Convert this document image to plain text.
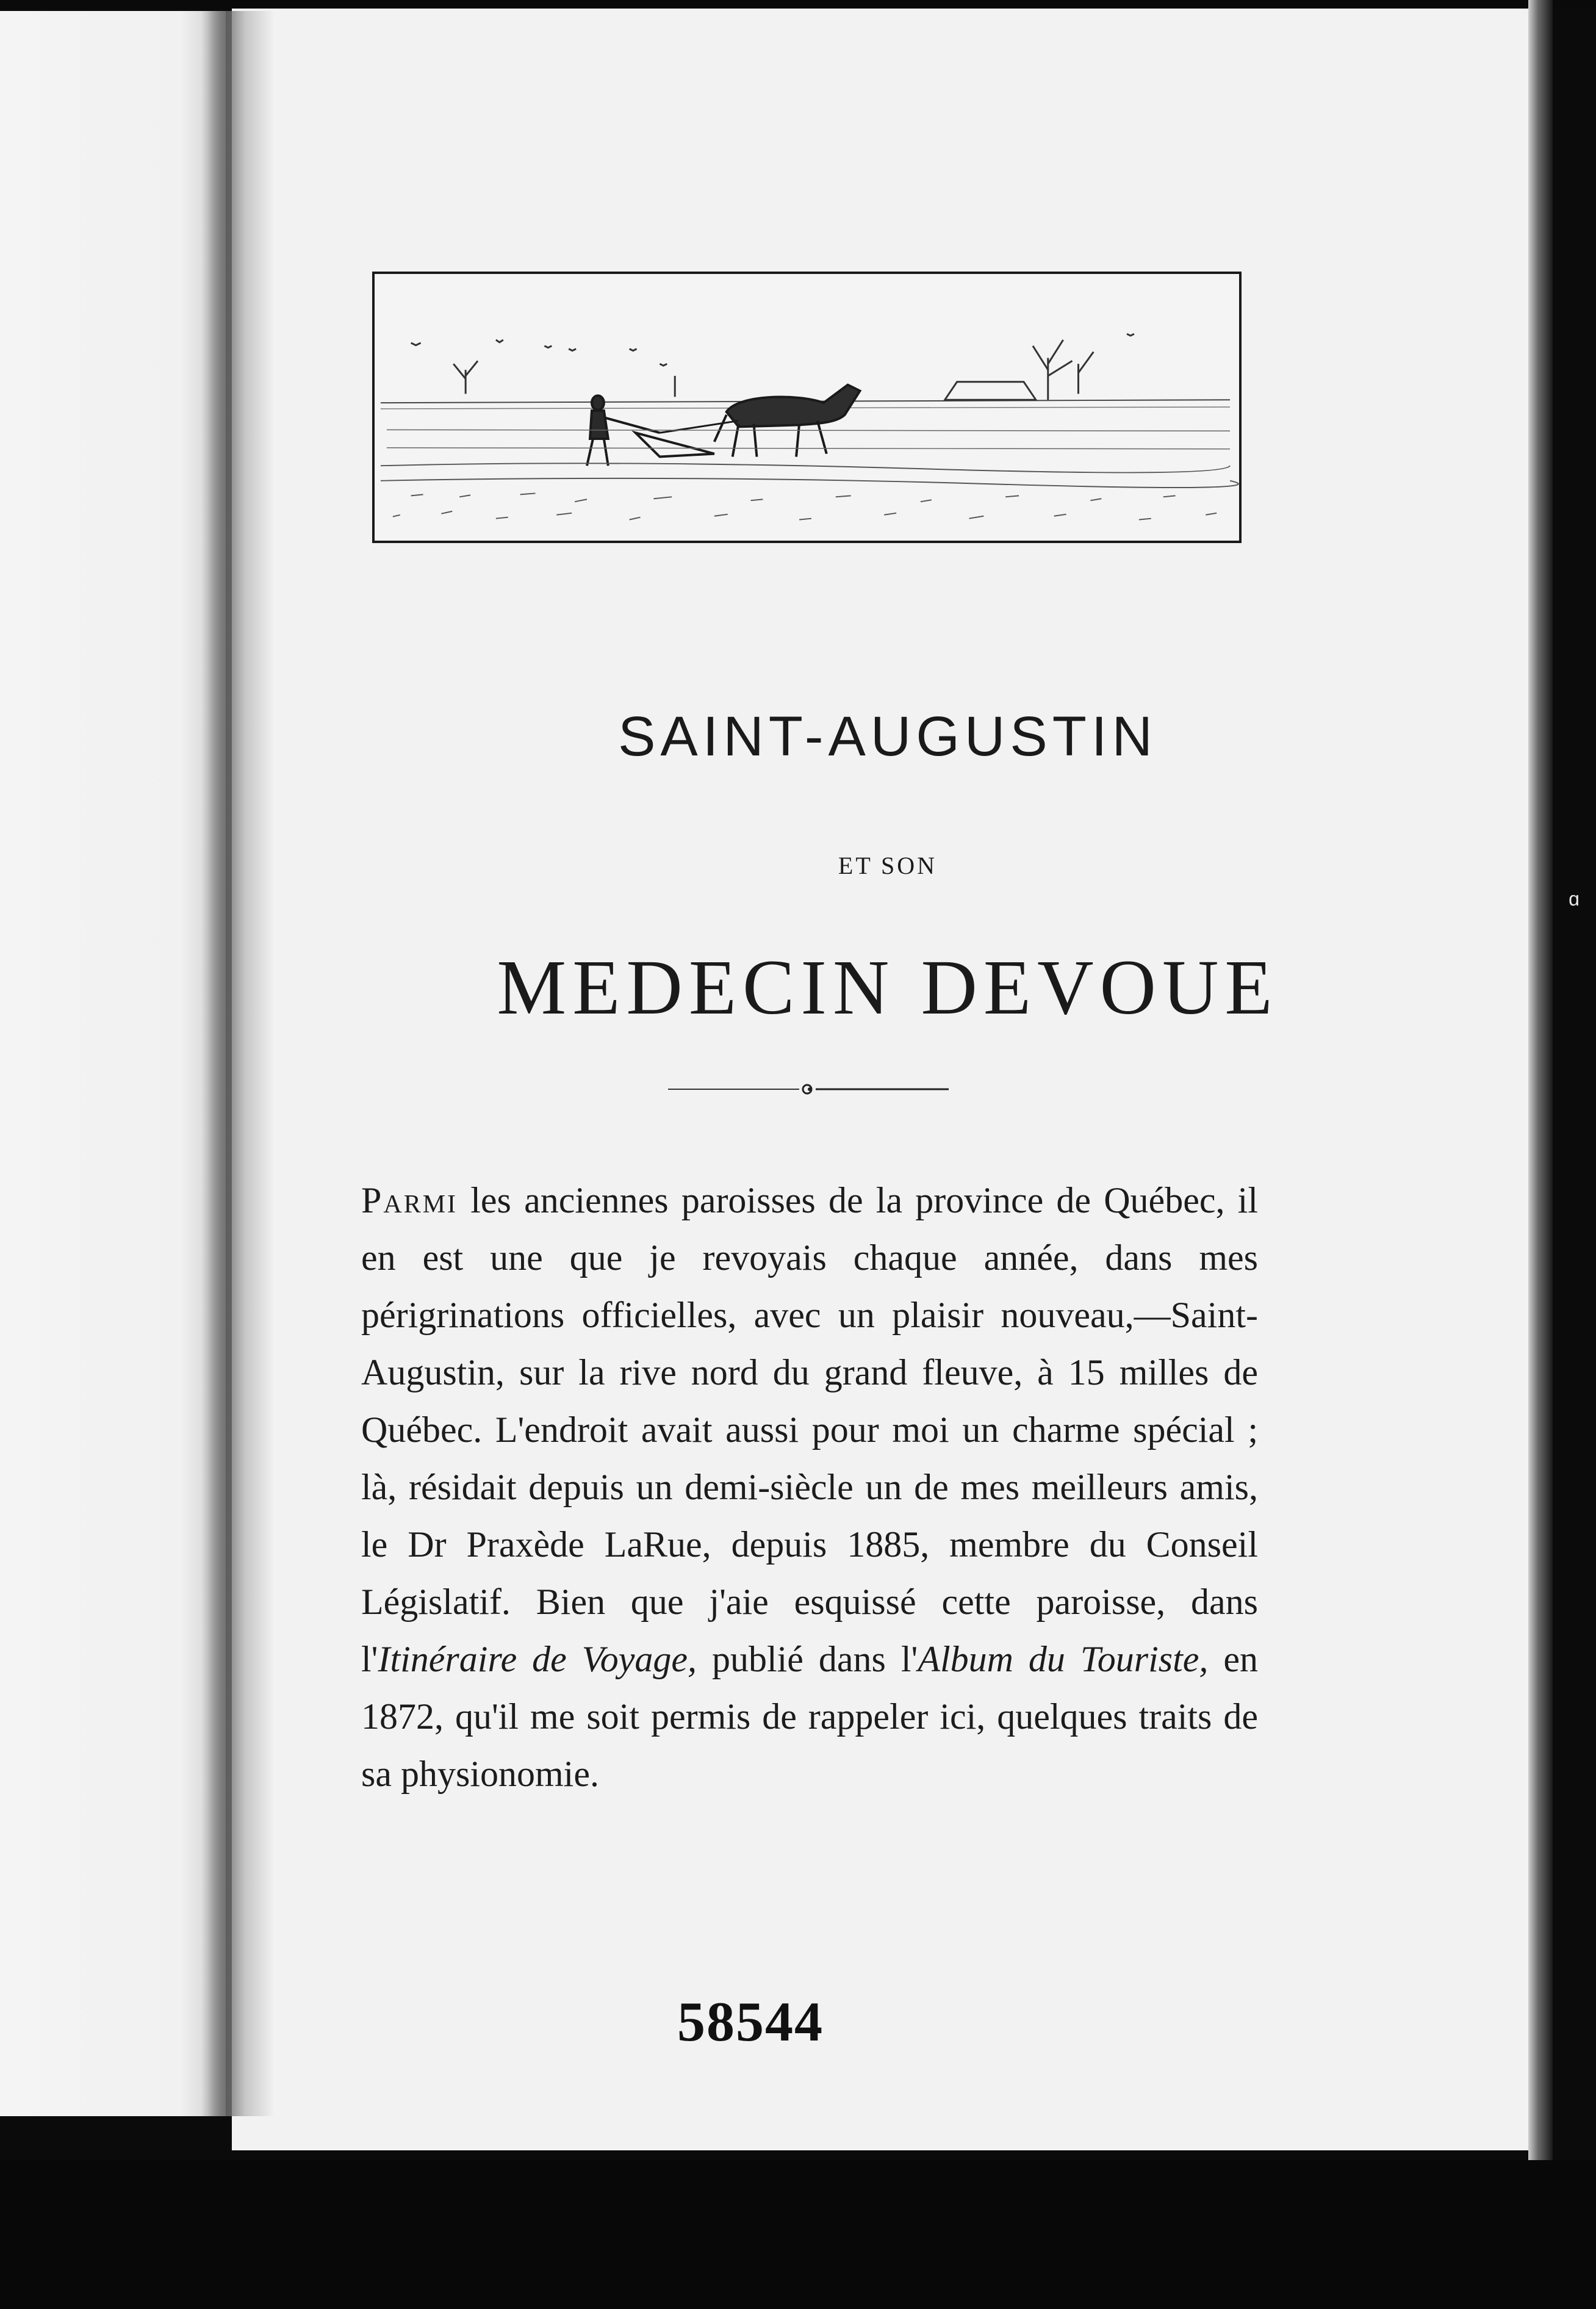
SAINT-AUGUSTIN
ET SON
MEDECIN DEVOUE
Parmi les anciennes paroisses de la province de Québec, il en est une que je revoyais chaque année, dans mes périgrinations officielles, avec un plaisir nouveau,—Saint-Augustin, sur la rive nord du grand fleuve, à 15 milles de Québec. L'endroit avait aussi pour moi un charme spécial ; là, résidait depuis un demi-siècle un de mes meilleurs amis, le Dr Praxède LaRue, depuis 1885, membre du Conseil Législatif. Bien que j'aie esquissé cette paroisse, dans l'Itinéraire de Voyage, publié dans l'Album du Touriste, en 1872, qu'il me soit permis de rappeler ici, quelques traits de sa physionomie.
58544
ɑ
